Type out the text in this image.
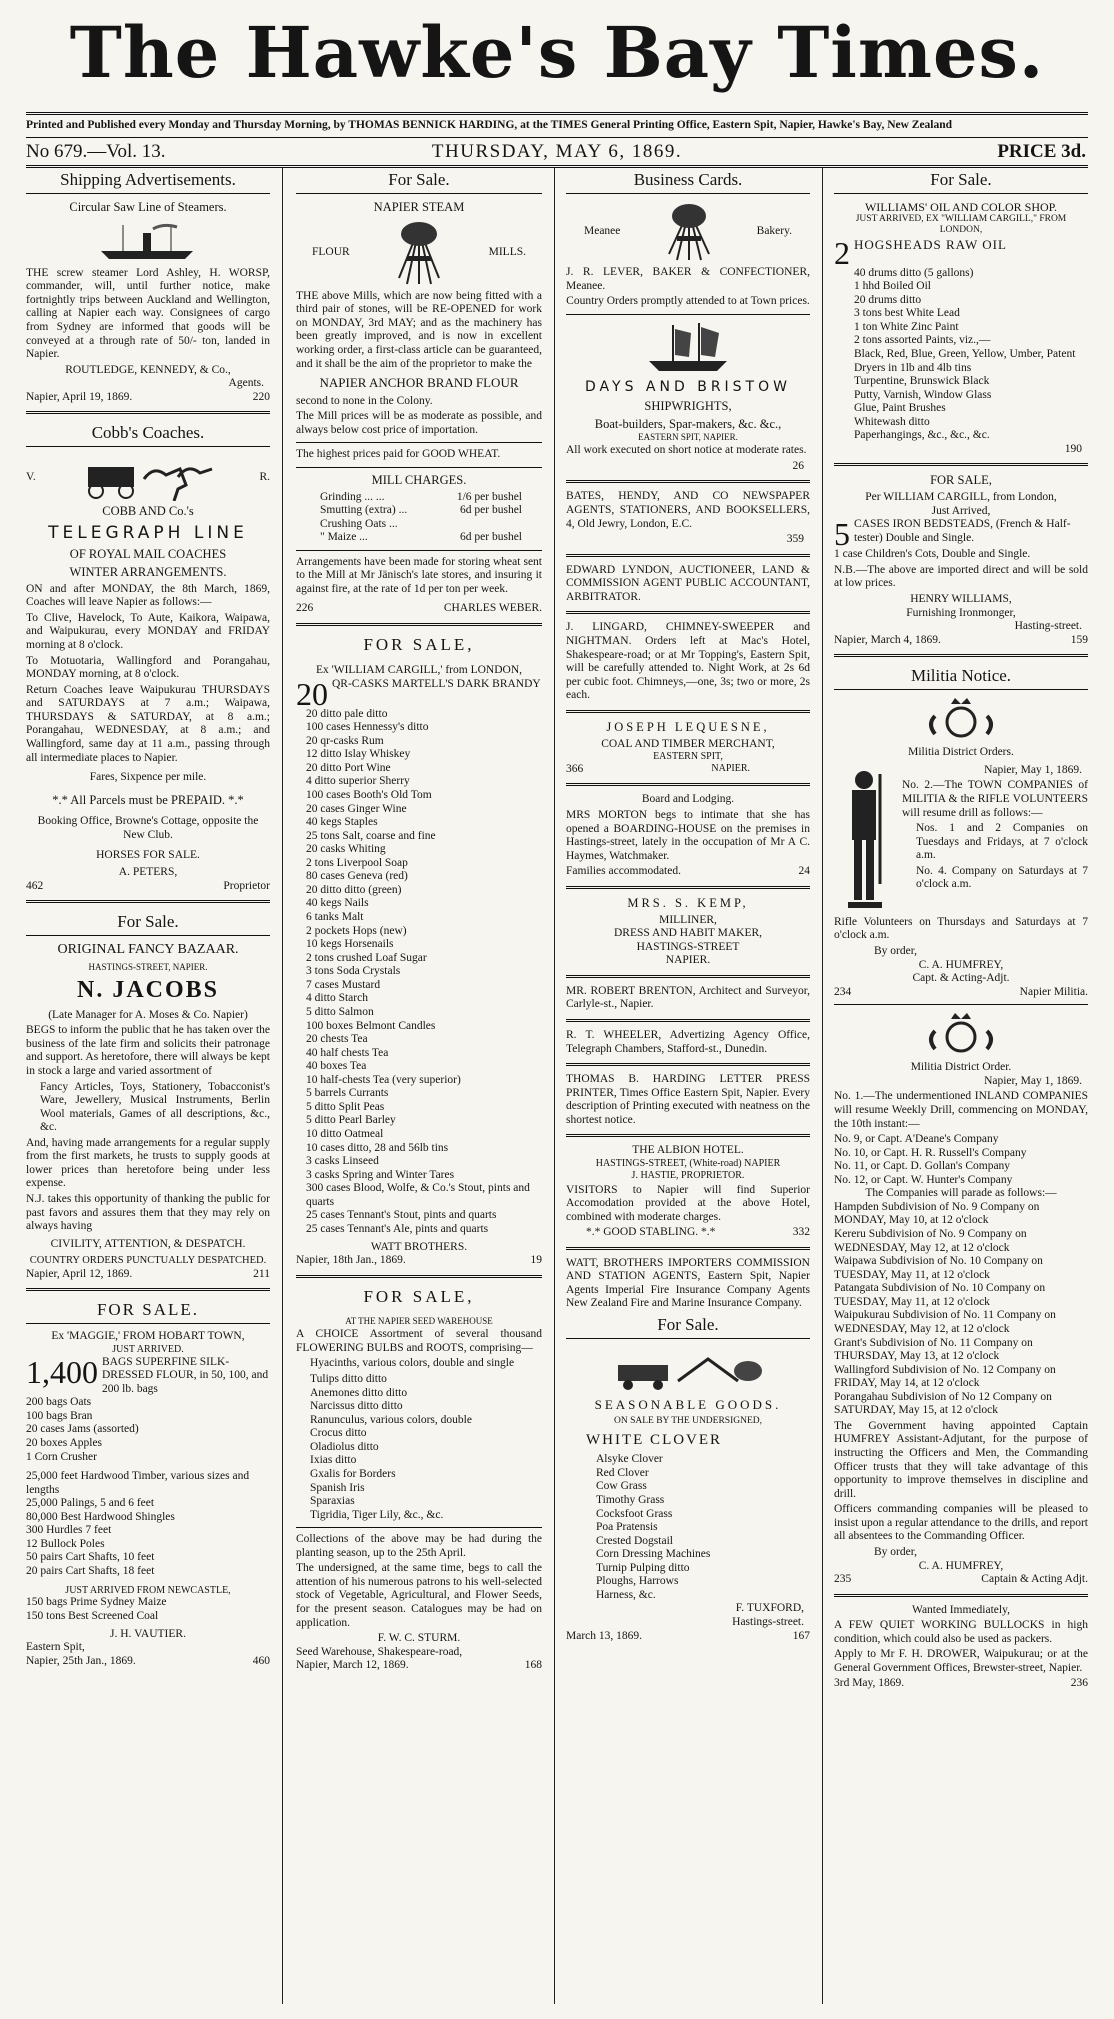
The Hawke's Bay Times.
Printed and Published every Monday and Thursday Morning, by THOMAS BENNICK HARDING, at the TIMES General Printing Office, Eastern Spit, Napier, Hawke's Bay, New Zealand
No 679.—Vol. 13.	THURSDAY, MAY 6, 1869.	PRICE 3d.
Shipping Advertisements.
Circular Saw Line of Steamers.

THE screw steamer Lord Ashley, H. WORSP, commander, will, until further notice, make fortnightly trips between Auckland and Wellington, calling at Napier each way. Consignees of cargo from Sydney are informed that goods will be conveyed at a through rate of 50/- ton, landed in Napier.

ROUTLEDGE, KENNEDY, & Co.,
Agents.
Napier, April 19, 1869.	220
Cobb's Coaches.
V.	R.
COBB AND Co.'s
TELEGRAPH LINE
OF ROYAL MAIL COACHES
WINTER ARRANGEMENTS.

ON and after MONDAY, the 8th March, 1869, Coaches will leave Napier as follows:—

To Clive, Havelock, To Aute, Kaikora, Waipawa, and Waipukurau, every MONDAY and FRIDAY morning at 8 o'clock.

To Motuotaria, Wallingford and Porangahau, MONDAY morning, at 8 o'clock.

Return Coaches leave Waipukurau THURSDAYS and SATURDAYS at 7 a.m.; Waipawa, THURSDAYS & SATURDAY, at 8 a.m.; Porangahau, WEDNESDAY, at 8 a.m.; and Wallingford, same day at 11 a.m., passing through all intermediate places to Napier.

Fares, Sixpence per mile.
*.* All Parcels must be PREPAID. *.*
Booking Office, Browne's Cottage, opposite the New Club.
HORSES FOR SALE.
A. PETERS,
462	Proprietor
For Sale.
ORIGINAL FANCY BAZAAR.
HASTINGS-STREET, NAPIER.
N. JACOBS
(Late Manager for A. Moses & Co. Napier)

BEGS to inform the public that he has taken over the business of the late firm and solicits their patronage and support. As heretofore, there will always be kept in stock a large and varied assortment of

Fancy Articles, Toys, Stationery, Tobacconist's Ware, Jewellery, Musical Instruments, Berlin Wool materials, Games of all descriptions, &c., &c.

And, having made arrangements for a regular supply from the first markets, he trusts to supply goods at lower prices than heretofore being under less expense.

N.J. takes this opportunity of thanking the public for past favors and assures them that they may rely on always having

CIVILITY, ATTENTION, & DESPATCH.
COUNTRY ORDERS PUNCTUALLY DESPATCHED.
Napier, April 12, 1869.	211
FOR SALE.
Ex 'MAGGIE,' FROM HOBART TOWN,
JUST ARRIVED.
1,400 BAGS SUPERFINE SILK-DRESSED FLOUR, in 50, 100, and 200 lb. bags
200 bags Oats
100 bags Bran
20 cases Jams (assorted)
20 boxes Apples
1 Corn Crusher
25,000 feet Hardwood Timber, various sizes and lengths
25,000 Palings, 5 and 6 feet
80,000 Best Hardwood Shingles
300 Hurdles 7 feet
12 Bullock Poles
50 pairs Cart Shafts, 10 feet
20 pairs Cart Shafts, 18 feet
JUST ARRIVED FROM NEWCASTLE,
150 bags Prime Sydney Maize
150 tons Best Screened Coal
J. H. VAUTIER.
Eastern Spit,
Napier, 25th Jan., 1869.	460
For Sale.
NAPIER STEAM
FLOUR	MILLS.

THE above Mills, which are now being fitted with a third pair of stones, will be RE-OPENED for work on MONDAY, 3rd MAY; and as the machinery has been greatly improved, and is now in excellent working order, a first-class article can be guaranteed, and it shall be the aim of the proprietor to make the

NAPIER ANCHOR BRAND FLOUR

second to none in the Colony.

The Mill prices will be as moderate as possible, and always below cost price of importation.

The highest prices paid for GOOD WHEAT.
MILL CHARGES.
Grinding ... ...	1/6 per bushel
Smutting (extra) ...	6d per bushel
Crushing Oats ...
" Maize ...	6d per bushel

Arrangements have been made for storing wheat sent to the Mill at Mr Jänisch's late stores, and insuring it against fire, at the rate of 1d per ton per week.

226	CHARLES WEBER.
FOR SALE,
Ex 'WILLIAM CARGILL,' from LONDON,
20 QR-CASKS MARTELL'S DARK BRANDY
20 ditto pale ditto
100 cases Hennessy's ditto
20 qr-casks Rum
12 ditto Islay Whiskey
20 ditto Port Wine
4 ditto superior Sherry
100 cases Booth's Old Tom
20 cases Ginger Wine
40 kegs Staples
25 tons Salt, coarse and fine
20 casks Whiting
2 tons Liverpool Soap
80 cases Geneva (red)
20 ditto ditto (green)
40 kegs Nails
6 tanks Malt
2 pockets Hops (new)
10 kegs Horsenails
2 tons crushed Loaf Sugar
3 tons Soda Crystals
7 cases Mustard
4 ditto Starch
5 ditto Salmon
100 boxes Belmont Candles
20 chests Tea
40 half chests Tea
40 boxes Tea
10 half-chests Tea (very superior)
5 barrels Currants
5 ditto Split Peas
5 ditto Pearl Barley
10 ditto Oatmeal
10 cases ditto, 28 and 56lb tins
3 casks Linseed
3 casks Spring and Winter Tares
300 cases Blood, Wolfe, & Co.'s Stout, pints and quarts
25 cases Tennant's Stout, pints and quarts
25 cases Tennant's Ale, pints and quarts
WATT BROTHERS.
Napier, 18th Jan., 1869.	19
FOR SALE,
AT THE NAPIER SEED WAREHOUSE

A CHOICE Assortment of several thousand FLOWERING BULBS and ROOTS, comprising—

Hyacinths, various colors, double and single

Tulips ditto ditto
Anemones ditto ditto
Narcissus ditto ditto
Ranunculus, various colors, double
Crocus ditto
Oladiolus ditto
Ixias ditto
Gxalis for Borders
Spanish Iris
Sparaxias
Tigridia, Tiger Lily, &c., &c.

Collections of the above may be had during the planting season, up to the 25th April.

The undersigned, at the same time, begs to call the attention of his numerous patrons to his well-selected stock of Vegetable, Agricultural, and Flower Seeds, for the present season. Catalogues may be had on application.

F. W. C. STURM.
Seed Warehouse, Shakespeare-road,
Napier, March 12, 1869.	168
Business Cards.
Meanee	Bakery.

J. R. LEVER, BAKER & CONFECTIONER, Meanee.

Country Orders promptly attended to at Town prices.

DAYS AND BRISTOW
SHIPWRIGHTS,
Boat-builders, Spar-makers, &c. &c.,
EASTERN SPIT, NAPIER.

All work executed on short notice at moderate rates.

26

BATES, HENDY, AND CO NEWSPAPER AGENTS, STATIONERS, AND BOOKSELLERS, 4, Old Jewry, London, E.C.

359

EDWARD LYNDON, AUCTIONEER, LAND & COMMISSION AGENT PUBLIC ACCOUNTANT, ARBITRATOR.

J. LINGARD, CHIMNEY-SWEEPER and NIGHTMAN. Orders left at Mac's Hotel, Shakespeare-road; or at Mr Topping's, Eastern Spit, will be carefully attended to. Night Work, at 2s 6d per cubic foot. Chimneys,—one, 3s; two or more, 2s each.

JOSEPH LEQUESNE,
COAL AND TIMBER MERCHANT,
EASTERN SPIT,
366	NAPIER.
Board and Lodging.

MRS MORTON begs to intimate that she has opened a BOARDING-HOUSE on the premises in Hastings-street, lately in the occupation of Mr A C. Haymes, Watchmaker.

Families accommodated.	24
MRS. S. KEMP,
MILLINER,
DRESS AND HABIT MAKER,
HASTINGS-STREET
NAPIER.

MR. ROBERT BRENTON, Architect and Surveyor, Carlyle-st., Napier.

R. T. WHEELER, Advertizing Agency Office, Telegraph Chambers, Stafford-st., Dunedin.

THOMAS B. HARDING LETTER PRESS PRINTER, Times Office Eastern Spit, Napier. Every description of Printing executed with neatness on the shortest notice.

THE ALBION HOTEL.
HASTINGS-STREET, (White-road) NAPIER
J. HASTIE, PROPRIETOR.

VISITORS to Napier will find Superior Accomodation provided at the above Hotel, combined with moderate charges.

*.* GOOD STABLING. *.*	332

WATT, BROTHERS IMPORTERS COMMISSION AND STATION AGENTS, Eastern Spit, Napier Agents Imperial Fire Insurance Company Agents New Zealand Fire and Marine Insurance Company.

For Sale.
SEASONABLE GOODS.
ON SALE BY THE UNDERSIGNED,
WHITE CLOVER
Alsyke Clover
Red Clover
Cow Grass
Timothy Grass
Cocksfoot Grass
Poa Pratensis
Crested Dogstail
Corn Dressing Machines
Turnip Pulping ditto
Ploughs, Harrows
Harness, &c.
F. TUXFORD,
Hastings-street.
March 13, 1869.	167
For Sale.
WILLIAMS' OIL AND COLOR SHOP.
JUST ARRIVED, EX "WILLIAM CARGILL," FROM LONDON,
2 HOGSHEADS RAW OIL
40 drums ditto (5 gallons)
1 hhd Boiled Oil
20 drums ditto
3 tons best White Lead
1 ton White Zinc Paint
2 tons assorted Paints, viz.,—
Black, Red, Blue, Green, Yellow, Umber, Patent Dryers in 1lb and 4lb tins
Turpentine, Brunswick Black
Putty, Varnish, Window Glass
Glue, Paint Brushes
Whitewash ditto
Paperhangings, &c., &c., &c.
190
FOR SALE,
Per WILLIAM CARGILL, from London,
Just Arrived,
5 CASES IRON BEDSTEADS, (French & Half-tester) Double and Single.

1 case Children's Cots, Double and Single.

N.B.—The above are imported direct and will be sold at low prices.

HENRY WILLIAMS,
Furnishing Ironmonger,
Hasting-street.
Napier, March 4, 1869.	159
Militia Notice.
Militia District Orders.
Napier, May 1, 1869.

No. 2.—The TOWN COMPANIES of MILITIA & the RIFLE VOLUNTEERS will resume drill as follows:—

Nos. 1 and 2 Companies on Tuesdays and Fridays, at 7 o'clock a.m.

No. 4. Company on Saturdays at 7 o'clock a.m.

Rifle Volunteers on Thursdays and Saturdays at 7 o'clock a.m.

By order,
C. A. HUMFREY,
Capt. & Acting-Adjt.
234	Napier Militia.
Militia District Order.
Napier, May 1, 1869.

No. 1.—The undermentioned INLAND COMPANIES will resume Weekly Drill, commencing on MONDAY, the 10th instant:—

No. 9, or Capt. A'Deane's Company
No. 10, or Capt. H. R. Russell's Company
No. 11, or Capt. D. Gollan's Company
No. 12, or Capt. W. Hunter's Company
The Companies will parade as follows:—
Hampden Subdivision of No. 9 Company on MONDAY, May 10, at 12 o'clock
Kereru Subdivision of No. 9 Company on WEDNESDAY, May 12, at 12 o'clock
Waipawa Subdivision of No. 10 Company on TUESDAY, May 11, at 12 o'clock
Patangata Subdivision of No. 10 Company on TUESDAY, May 11, at 12 o'clock
Waipukurau Subdivision of No. 11 Company on WEDNESDAY, May 12, at 12 o'clock
Grant's Subdivision of No. 11 Company on THURSDAY, May 13, at 12 o'clock
Wallingford Subdivision of No. 12 Company on FRIDAY, May 14, at 12 o'clock
Porangahau Subdivision of No 12 Company on SATURDAY, May 15, at 12 o'clock

The Government having appointed Captain HUMFREY Assistant-Adjutant, for the purpose of instructing the Officers and Men, the Commanding Officer trusts that they will take advantage of this opportunity to improve themselves in discipline and drill.

Officers commanding companies will be pleased to insist upon a regular attendance to the drills, and report all absentees to the Commanding Officer.

By order,
C. A. HUMFREY,
235	Captain & Acting Adjt.
Wanted Immediately,

A FEW QUIET WORKING BULLOCKS in high condition, which could also be used as packers.

Apply to Mr F. H. DROWER, Waipukurau; or at the General Government Offices, Brewster-street, Napier.

3rd May, 1869.	236
